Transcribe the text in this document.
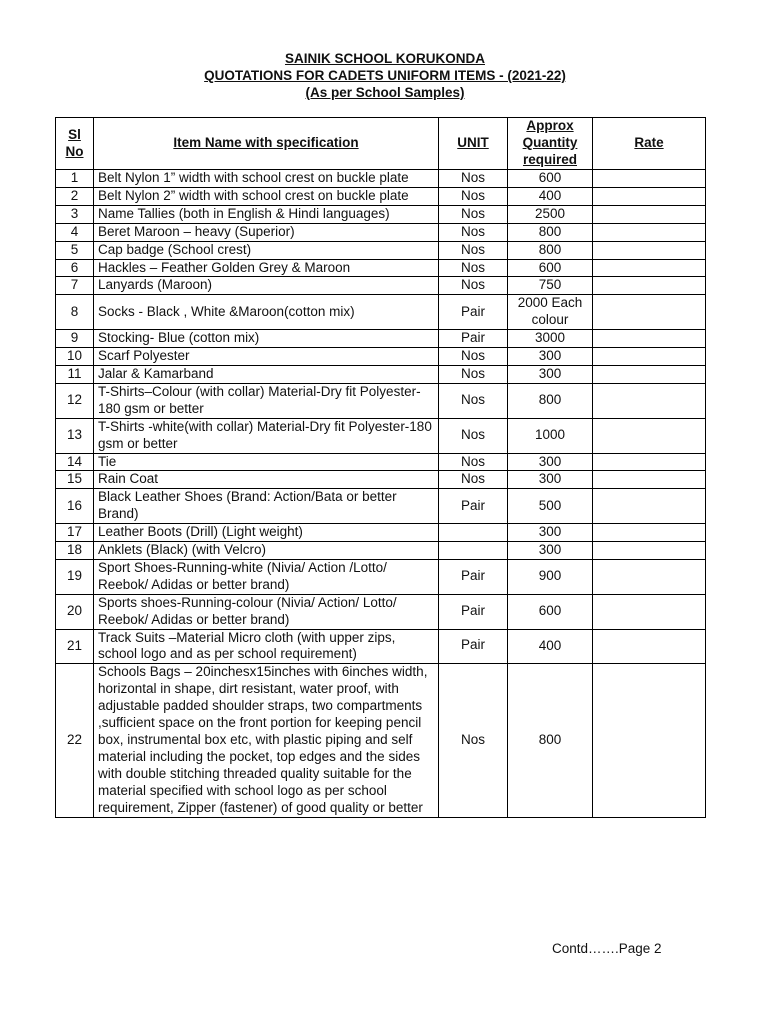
SAINIK SCHOOL KORUKONDA
QUOTATIONS FOR CADETS UNIFORM ITEMS - (2021-22)
(As per School Samples)
Sl No	Item Name with specification	UNIT	Approx Quantity required	Rate
1	Belt Nylon 1” width with school crest on buckle plate	Nos	600	
2	Belt Nylon 2” width with school crest on buckle plate	Nos	400	
3	Name Tallies (both in English & Hindi languages)	Nos	2500	
4	Beret Maroon – heavy (Superior)	Nos	800	
5	Cap badge (School crest)	Nos	800	
6	Hackles – Feather Golden Grey & Maroon	Nos	600	
7	Lanyards (Maroon)	Nos	750	
8	Socks - Black , White &Maroon(cotton mix)	Pair	2000 Each colour	
9	Stocking- Blue (cotton mix)	Pair	3000	
10	Scarf Polyester	Nos	300	
11	Jalar & Kamarband	Nos	300	
12	T-Shirts–Colour (with collar) Material-Dry fit Polyester-180 gsm or better	Nos	800	
13	T-Shirts -white(with collar) Material-Dry fit Polyester-180 gsm or better	Nos	1000	
14	Tie	Nos	300	
15	Rain Coat	Nos	300	
16	Black Leather Shoes (Brand: Action/Bata or better Brand)	Pair	500	
17	Leather Boots (Drill) (Light weight)		300	
18	Anklets (Black) (with Velcro)		300	
19	Sport Shoes-Running-white (Nivia/ Action /Lotto/ Reebok/ Adidas or better brand)	Pair	900	
20	Sports shoes-Running-colour (Nivia/ Action/ Lotto/ Reebok/ Adidas or better brand)	Pair	600	
21	Track Suits –Material Micro cloth (with upper zips, school logo and as per school requirement)	Pair	400	
22	Schools Bags – 20inchesx15inches with 6inches width, horizontal in shape, dirt resistant, water proof, with adjustable padded shoulder straps, two compartments ,sufficient space on the front portion for keeping pencil box, instrumental box etc, with plastic piping and self material including the pocket, top edges and the sides with double stitching threaded quality suitable for the material specified with school logo as per school requirement, Zipper (fastener) of good quality or better	Nos	800	
Contd…….Page 2
